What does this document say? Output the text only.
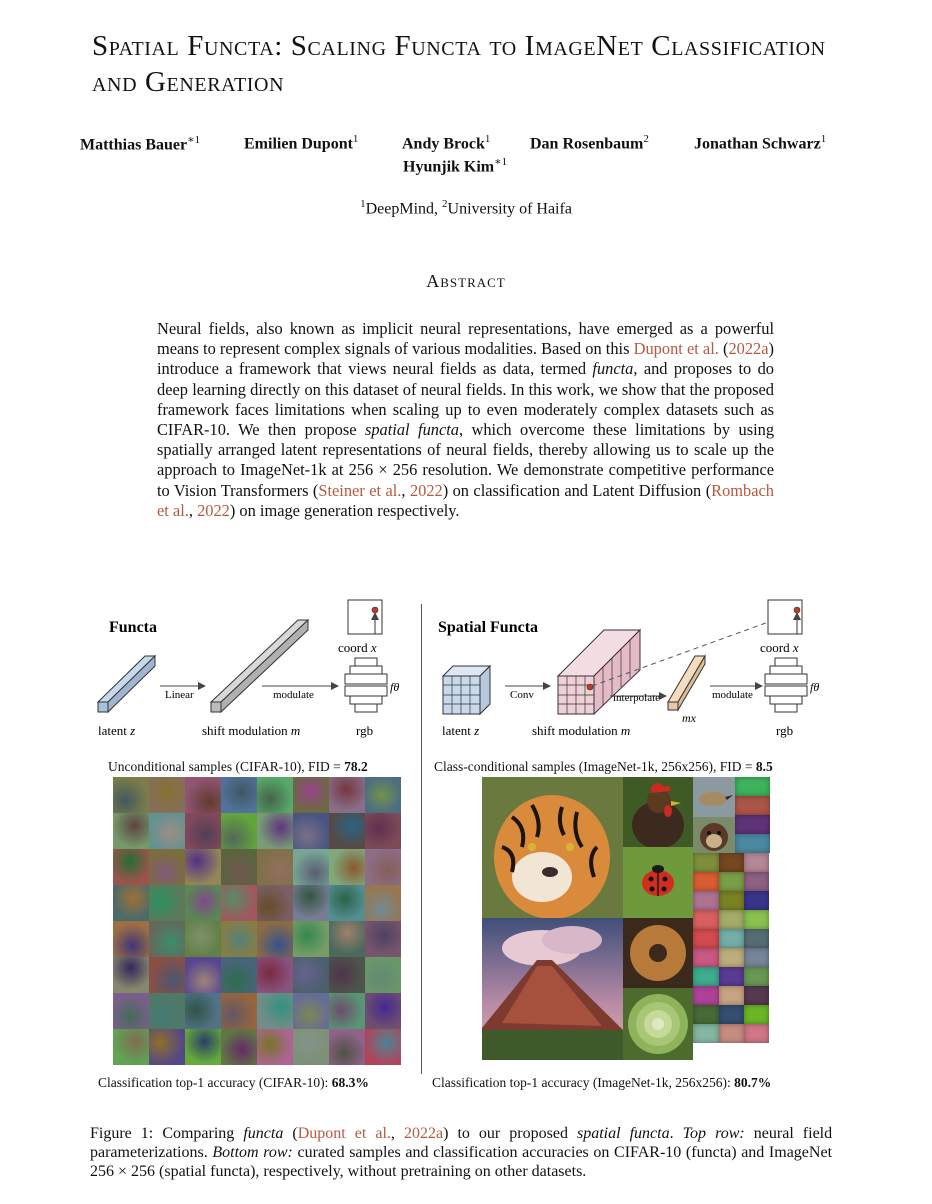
Spatial Functa: Scaling Functa to ImageNet Classification and Generation
Matthias Bauer$^{∗1}$	Emilien Dupont$^1$	Andy Brock$^1$ Dan Rosenbaum$^2$	Jonathan Schwarz$^1$
Hyunjik Kim$^{∗1}$
$^1$DeepMind, $^2$University of Haifa
Abstract
Neural fields, also known as implicit neural representations, have emerged as a powerful means to represent complex signals of various modalities. Based on this Dupont et al. (2022a) introduce a framework that views neural fields as data, termed functa, and proposes to do deep learning directly on this dataset of neural fields. In this work, we show that the proposed framework faces limitations when scaling up to even moderately complex datasets such as CIFAR-10. We then propose spatial functa, which overcome these limitations by using spatially arranged latent representations of neural fields, thereby allowing us to scale up the approach to ImageNet-1k at 256 × 256 resolution. We demonstrate competitive performance to Vision Transformers (Steiner et al., 2022) on classification and Latent Diffusion (Rombach et al., 2022) on image generation respectively.
Functa
latent z
Linear
shift modulation m
modulate
coord x
fθ
rgb
Spatial Functa
latent z
Conv
shift modulation m
interpolate
mx
modulate
coord x
fθ
rgb
Unconditional samples (CIFAR-10), FID = 78.2	Class-conditional samples (ImageNet-1k, 256x256), FID = 8.5
Classification top-1 accuracy (CIFAR-10): 68.3%	Classification top-1 accuracy (ImageNet-1k, 256x256): 80.7%
Figure 1: Comparing functa (Dupont et al., 2022a) to our proposed spatial functa. Top row: neural field parameterizations. Bottom row: curated samples and classification accuracies on CIFAR-10 (functa) and ImageNet 256 × 256 (spatial functa), respectively, without pretraining on other datasets.
